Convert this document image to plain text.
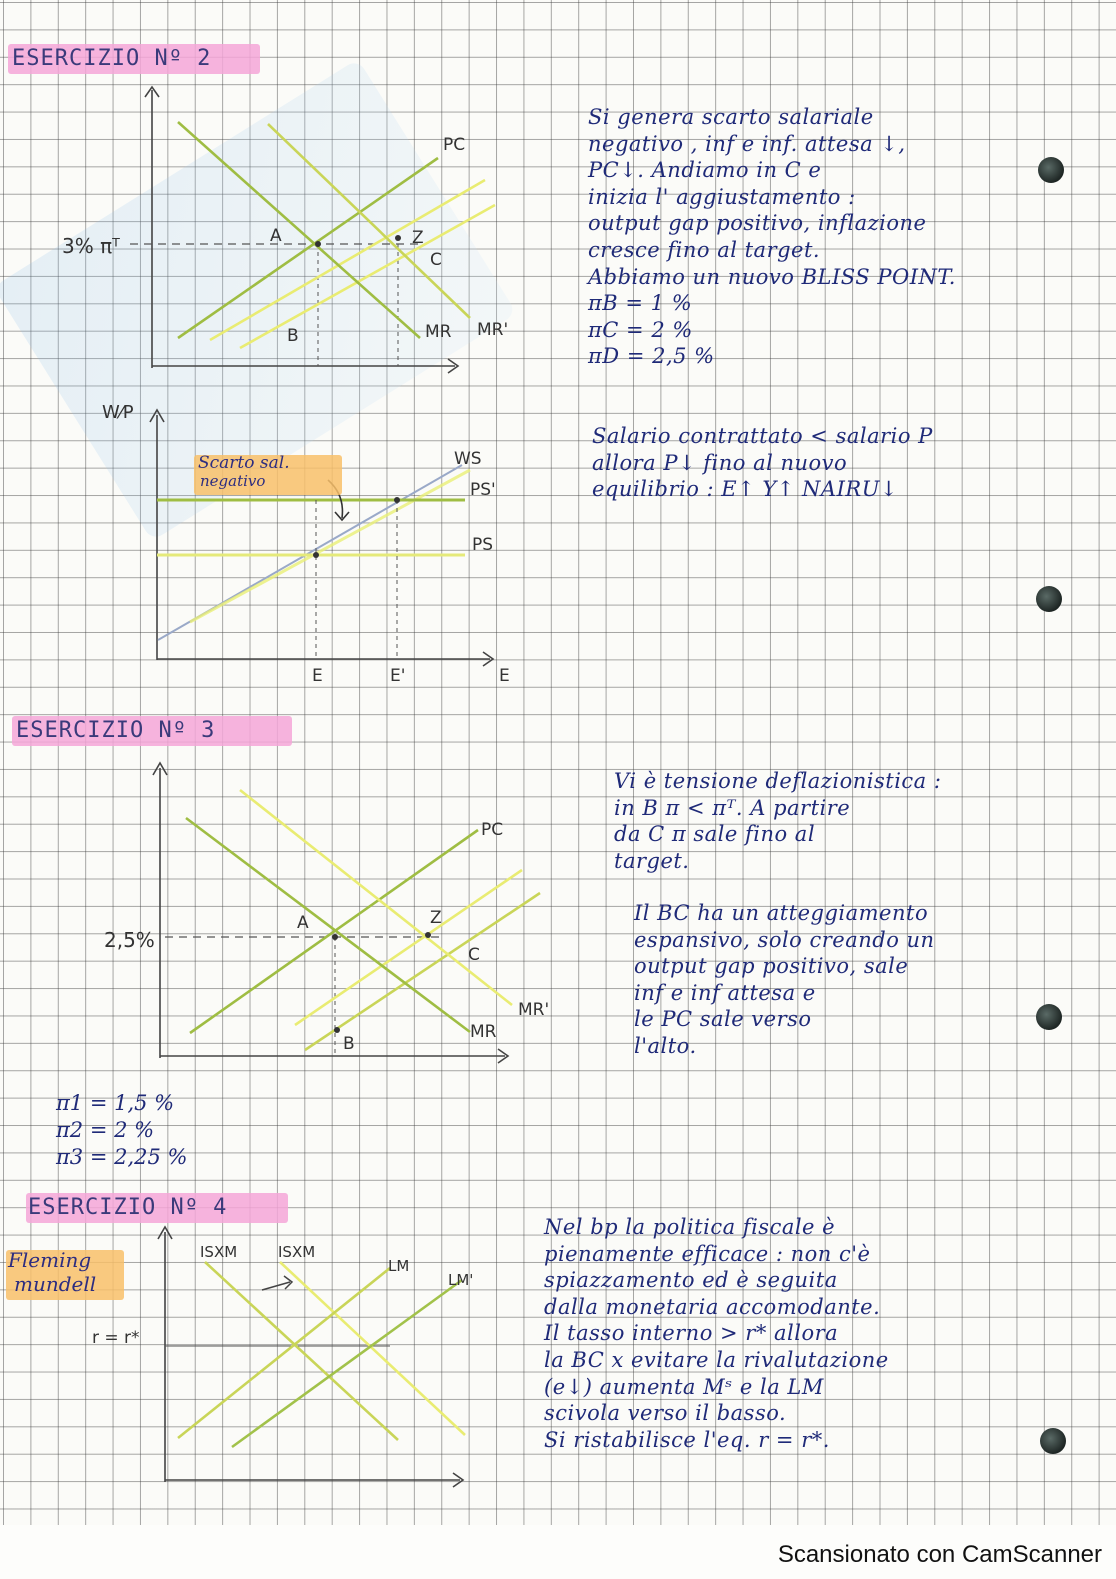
ESERCIZIO Nº 2
3% πᵀ
PC
MR MR'
A	Z
C
B
W⁄P
Scarto sal.
negativo
WS
PS'
PS
E	E'	E
Si genera scarto salariale
negativo , inf e inf. attesa ↓,
PC↓. Andiamo in C e
inizia l' aggiustamento :
output gap positivo, inflazione
cresce fino al target.
Abbiamo un nuovo BLISS POINT.
πB = 1 %
πC = 2 %
πD = 2,5 %
Salario contrattato < salario P
allora P↓ fino al nuovo
equilibrio : E↑ Y↑ NAIRU↓
ESERCIZIO Nº 3
2,5%
PC
MR'
MR
A	Z
C
B
Vi è tensione deflazionistica :
in B π < πᵀ. A partire
da C π sale fino al
target.
Il BC ha un atteggiamento
espansivo, solo creando un
output gap positivo, sale
inf e inf attesa e
le PC sale verso
l'alto.
π1 = 1,5 %
π2 = 2 %
π3 = 2,25 %
ESERCIZIO Nº 4
Fleming
mundell
r = r*
ISXM	ISXM
LM
LM'
Nel bp la politica fiscale è
pienamente efficace : non c'è
spiazzamento ed è seguita
dalla monetaria accomodante.
Il tasso interno > r* allora
la BC x evitare la rivalutazione
(e↓) aumenta Mˢ e la LM
scivola verso il basso.
Si ristabilisce l'eq. r = r*.
Scansionato con CamScanner
